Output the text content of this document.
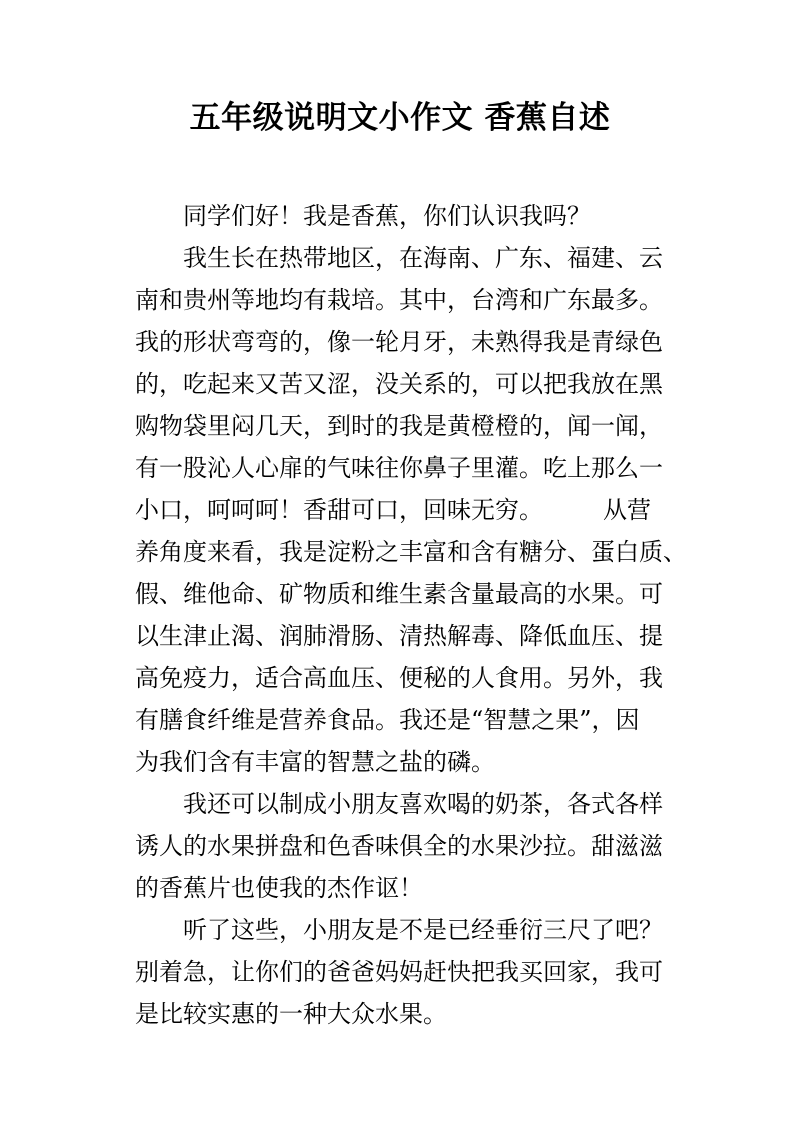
五年级说明文小作文 香蕉自述
同学们好！我是香蕉，你们认识我吗？
我生长在热带地区，在海南、广东、福建、云
南和贵州等地均有栽培。其中，台湾和广东最多。
我的形状弯弯的，像一轮月牙，未熟得我是青绿色
的，吃起来又苦又涩，没关系的，可以把我放在黑
购物袋里闷几天，到时的我是黄橙橙的，闻一闻，
有一股沁人心扉的气味往你鼻子里灌。吃上那么一
小口，呵呵呵！香甜可口，回味无穷。　　　从营
养角度来看，我是淀粉之丰富和含有糖分、蛋白质、
假、维他命、矿物质和维生素含量最高的水果。可
以生津止渴、润肺滑肠、清热解毒、降低血压、提
高免疫力，适合高血压、便秘的人食用。另外，我
有膳食纤维是营养食品。我还是“智慧之果”，因
为我们含有丰富的智慧之盐的磷。
我还可以制成小朋友喜欢喝的奶茶，各式各样
诱人的水果拼盘和色香味俱全的水果沙拉。甜滋滋
的香蕉片也使我的杰作讴！
听了这些，小朋友是不是已经垂衍三尺了吧？
别着急，让你们的爸爸妈妈赶快把我买回家，我可
是比较实惠的一种大众水果。
